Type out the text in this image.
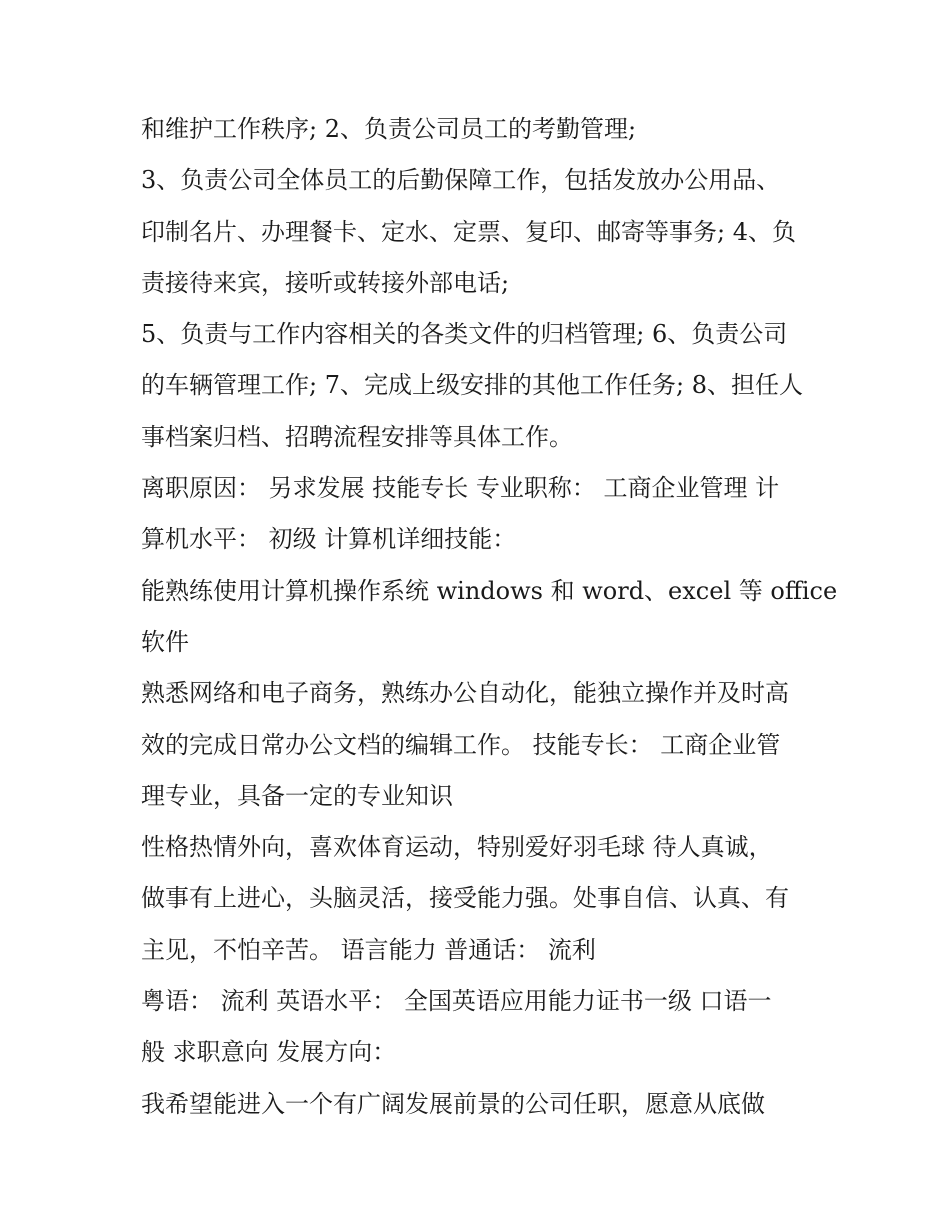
和维护工作秩序; 2、负责公司员工的考勤管理;
3、负责公司全体员工的后勤保障工作，包括发放办公用品、
印制名片、办理餐卡、定水、定票、复印、邮寄等事务; 4、负
责接待来宾，接听或转接外部电话;
5、负责与工作内容相关的各类文件的归档管理; 6、负责公司
的车辆管理工作; 7、完成上级安排的其他工作任务; 8、担任人
事档案归档、招聘流程安排等具体工作。
离职原因： 另求发展 技能专长 专业职称： 工商企业管理 计
算机水平： 初级 计算机详细技能：
能熟练使用计算机操作系统 windows 和 word、excel 等 office
软件
熟悉网络和电子商务，熟练办公自动化，能独立操作并及时高
效的完成日常办公文档的编辑工作。 技能专长： 工商企业管
理专业，具备一定的专业知识
性格热情外向，喜欢体育运动，特别爱好羽毛球 待人真诚，
做事有上进心，头脑灵活，接受能力强。处事自信、认真、有
主见，不怕辛苦。 语言能力 普通话： 流利
粤语： 流利 英语水平： 全国英语应用能力证书一级 口语一
般 求职意向 发展方向：
我希望能进入一个有广阔发展前景的公司任职，愿意从底做
